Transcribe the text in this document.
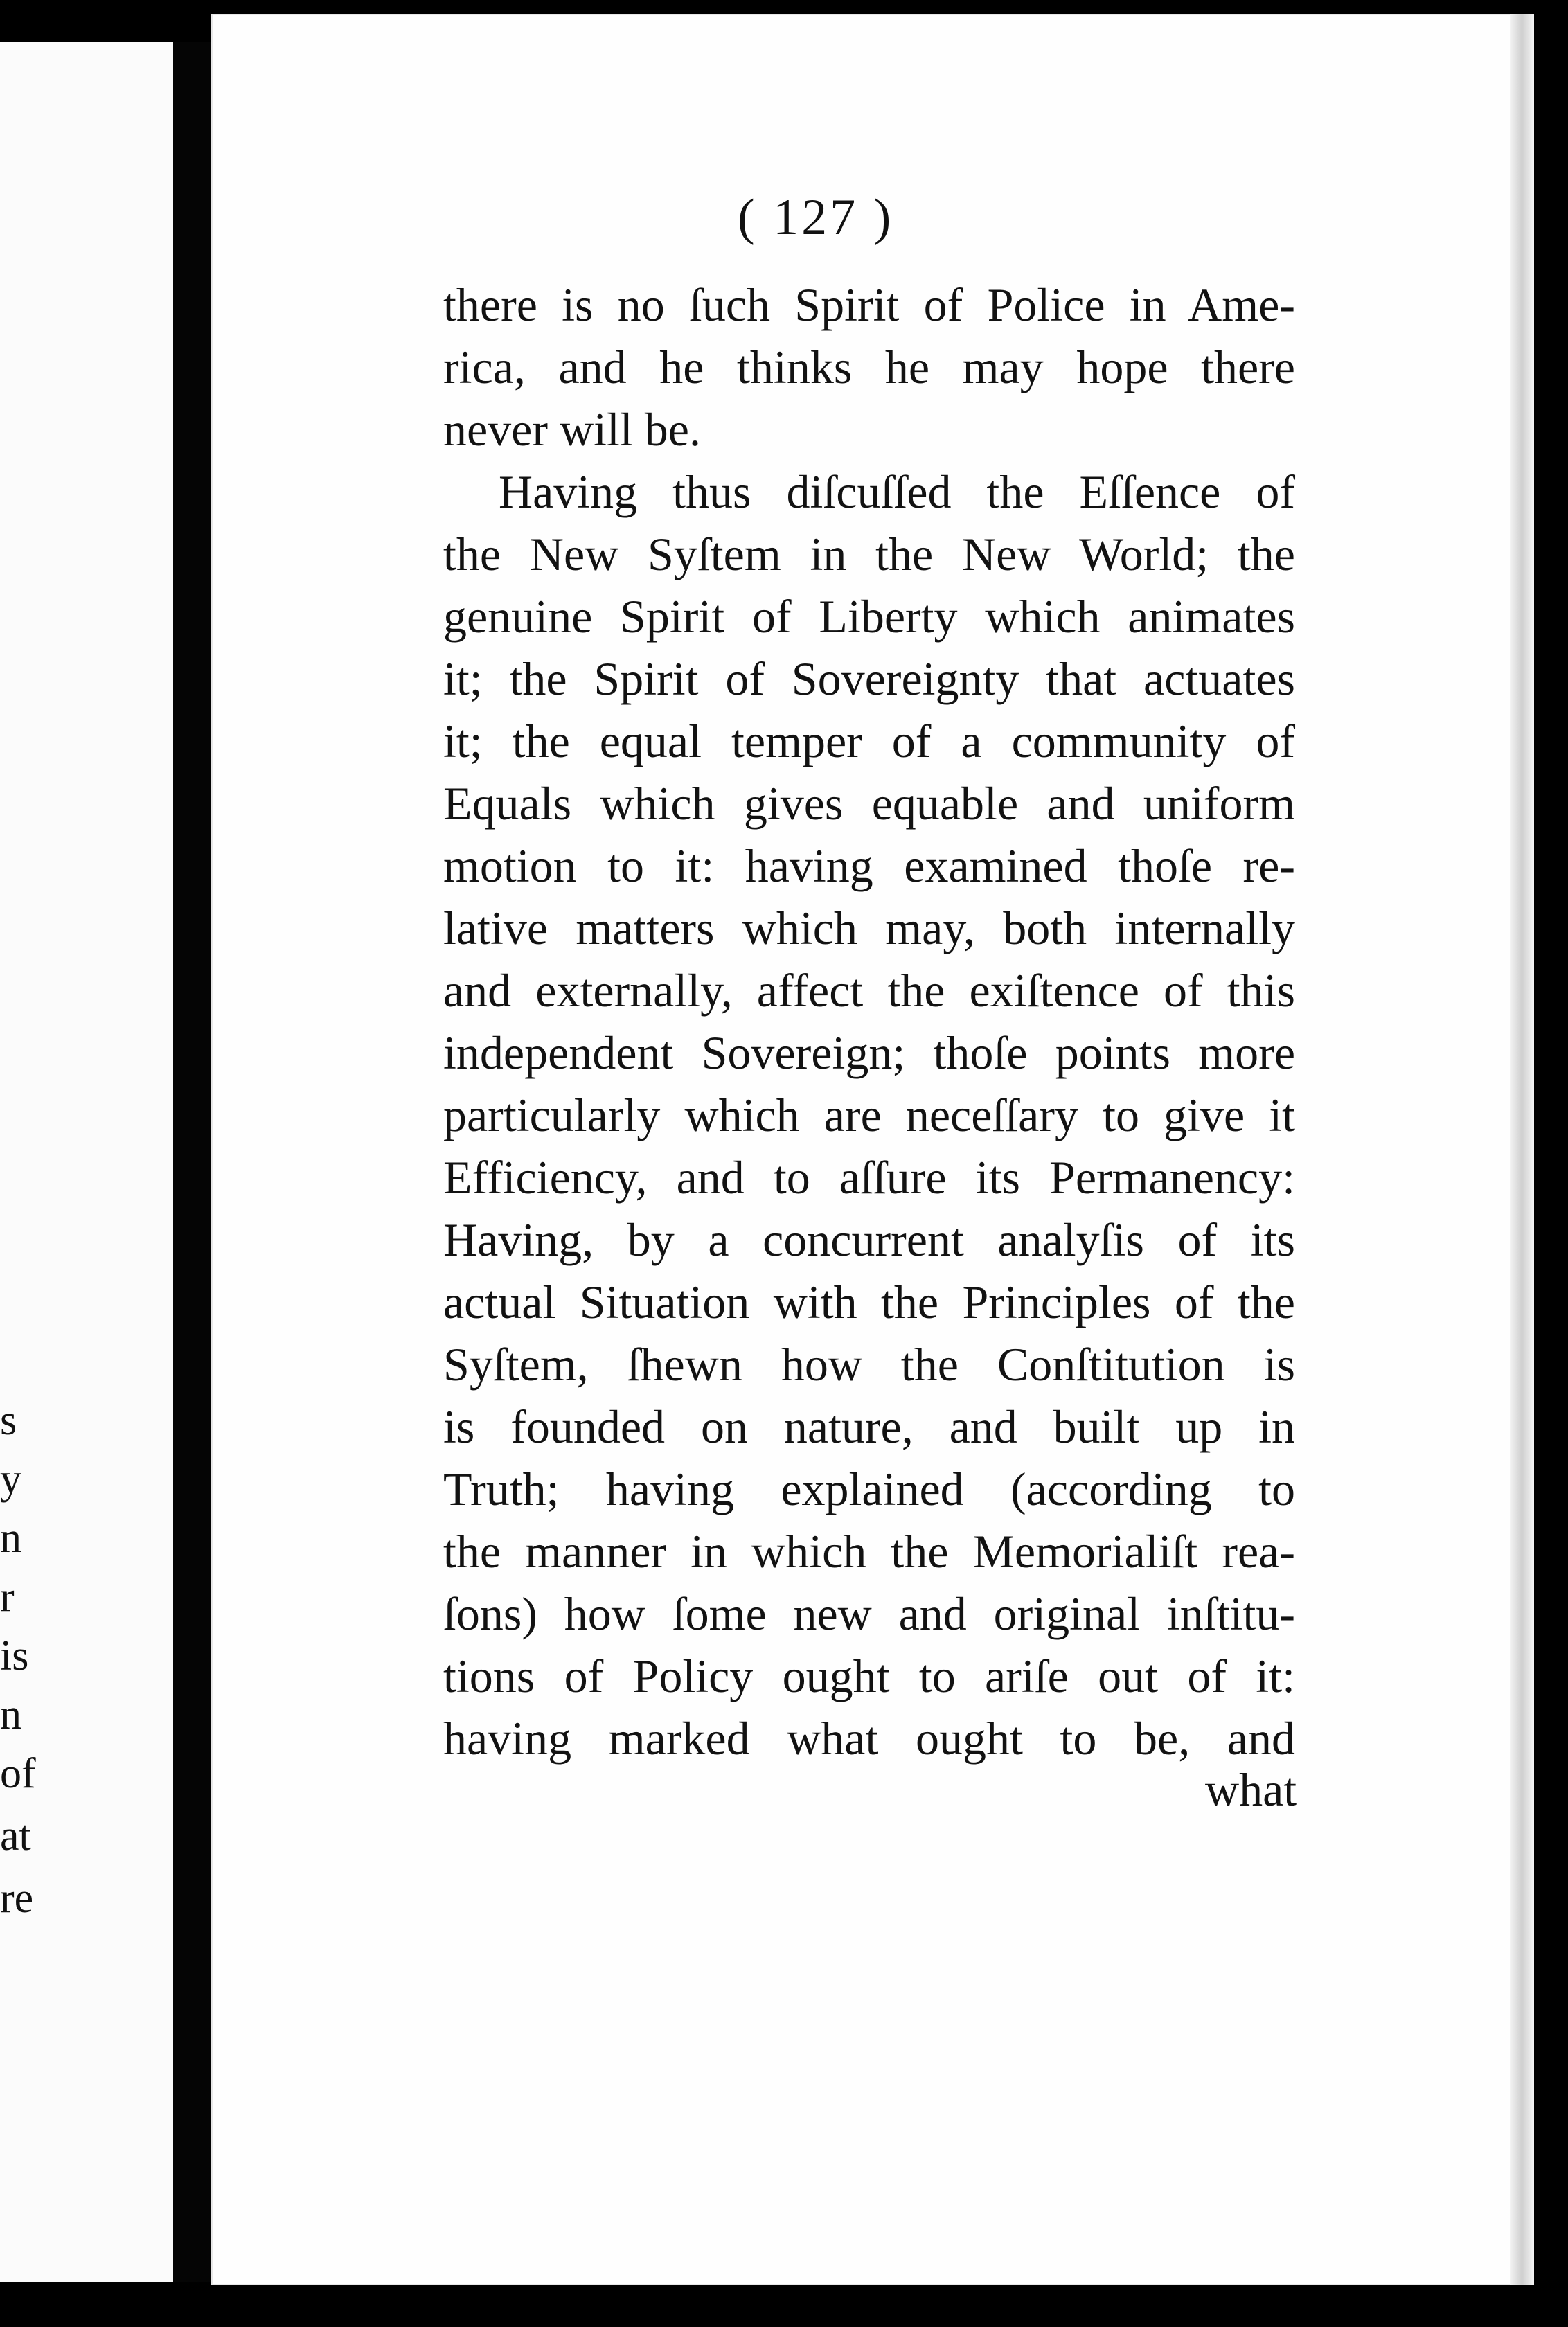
s
y
n
r
is
n
of
at
re
( 127 )
there is no ſuch Spirit of Police in Ame-
rica, and he thinks he may hope there
never will be.
Having thus diſcuſſed the Eſſence of
the New Syſtem in the New World; the
genuine Spirit of Liberty which animates
it; the Spirit of Sovereignty that actuates
it; the equal temper of a community of
Equals which gives equable and uniform
motion to it: having examined thoſe re-
lative matters which may, both internally
and externally, affect the exiſtence of this
independent Sovereign; thoſe points more
particularly which are neceſſary to give it
Efficiency, and to aſſure its Permanency:
Having, by a concurrent analyſis of its
actual Situation with the Principles of the
Syſtem, ſhewn how the Conſtitution is
is founded on nature, and built up in
Truth; having explained (according to
the manner in which the Memorialiſt rea-
ſons) how ſome new and original inſtitu-
tions of Policy ought to ariſe out of it:
having marked what ought to be, and
what
